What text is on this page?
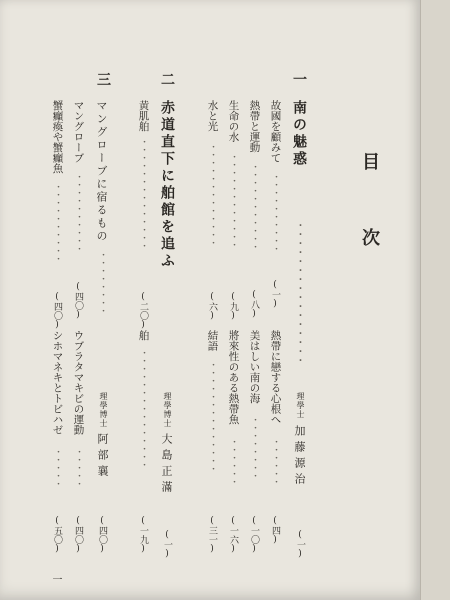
目
次
一
南の魅惑
・・・・・・・・・・・・・・・・
理學士
加藤源治
(一)
故國を顧みて
・・・・・・・・・・
(一)
熱帶と運動
・・・・・・・・・・・
(八)
生命の水
・・・・・・・・・・・・
(九)
水と光
・・・・・・・・・・・・・
(六)
熱帶に戀する心根へ
・・・・・・
(四)
美はしい南の海
・・・・・・・・
(一〇)
將來性のある熱帶魚
・・・・・・
(一六)
結語
・・・・・・・・・・・・・・
(三一)
二
赤道直下に舶館を追ふ
理學博士
大島正滿
(一)
黄肌舶
・・・・・・・・・・・・・・
(二〇)
舶
・・・・・・・・・・・・・・・
(一九)
三
マングローブに宿るもの
・・・・・・・・
理學博士
阿部襄
(四〇)
マングローブ
・・・・・・・・・・
(四〇)
ウブラタマキビの運動
・・・・・
(四〇)
蟹癲瘓や蟹癲魚
・・・・・・・・・・
(四〇)
シホマネキとトビハゼ
・・・・・
(五〇)
一
